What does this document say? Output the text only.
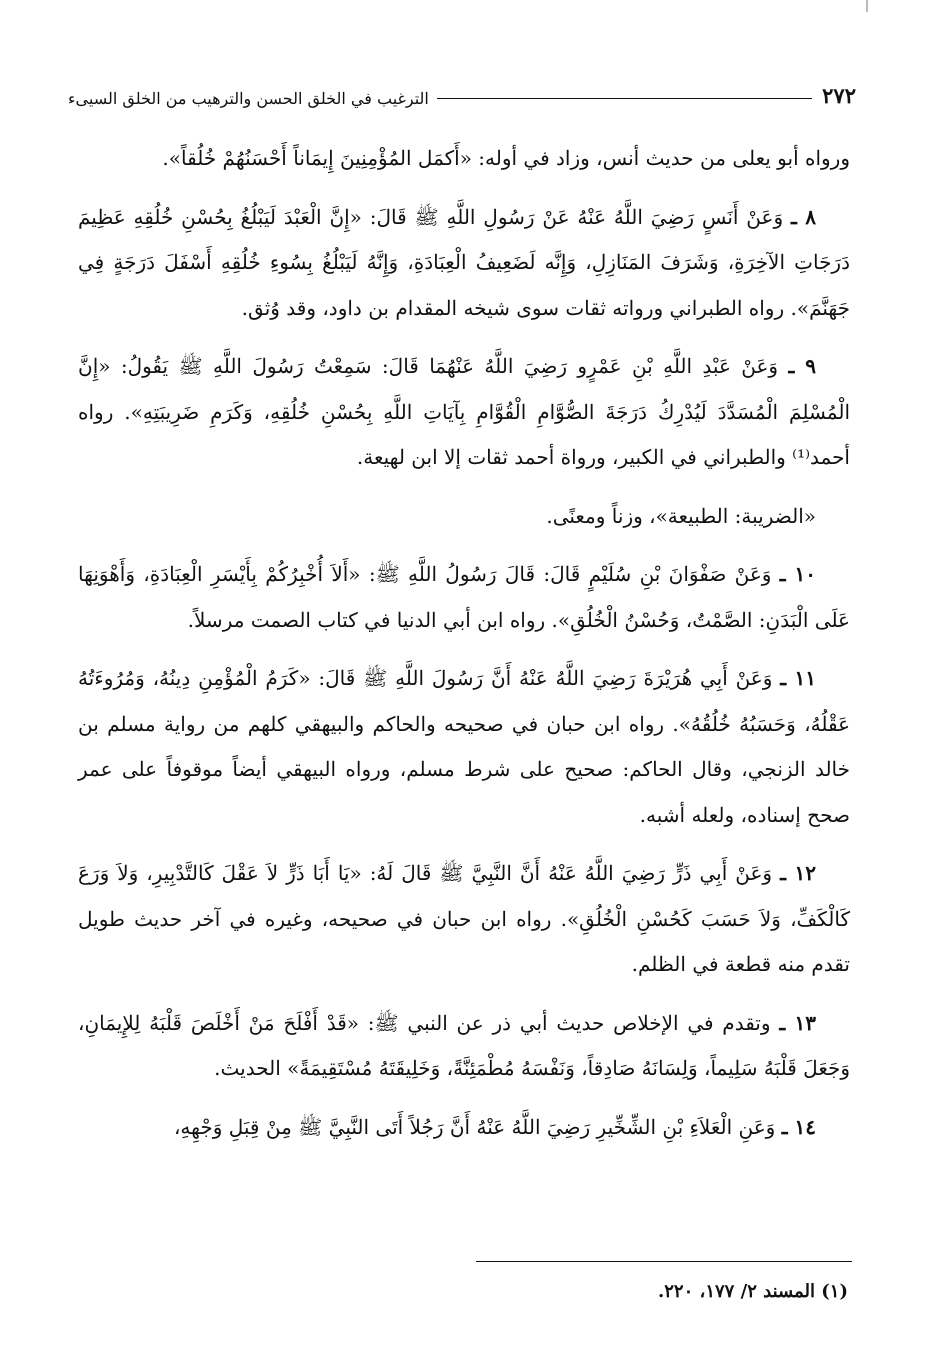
٢٧٢
الترغيب في الخلق الحسن والترهيب من الخلق السيىء

ورواه أبو يعلى من حديث أنس، وزاد في أوله: «أَكمَل المُؤْمِنِينَ إِيمَاناً أَحْسَنُهُمْ خُلُقاً».

٨ ـ وَعَنْ أَنَسٍ رَضِيَ اللَّهُ عَنْهُ عَنْ رَسُولِ اللَّهِ ﷺ قَالَ: «إِنَّ الْعَبْدَ لَيَبْلُغُ بِحُسْنِ خُلُقِهِ عَظِيمَ دَرَجَاتِ الآخِرَةِ، وَشَرَفَ المَنَازِلِ، وَإِنَّه لَضَعِيفُ الْعِبَادَةِ، وَإِنَّهُ لَيَبْلُغُ بِسُوءِ خُلُقِهِ أَسْفَلَ دَرَجَةٍ فِي جَهَنَّمَ». رواه الطبراني ورواته ثقات سوى شيخه المقدام بن داود، وقد وُثق.

٩ ـ وَعَنْ عَبْدِ اللَّهِ بْنِ عَمْرٍو رَضِيَ اللَّهُ عَنْهُمَا قَالَ: سَمِعْتُ رَسُولَ اللَّهِ ﷺ يَقُولُ: «إِنَّ الْمُسْلِمَ الْمُسَدَّدَ لَيُدْرِكُ دَرَجَةَ الصُّوَّامِ الْقُوَّامِ بِآيَاتِ اللَّهِ بِحُسْنِ خُلُقِهِ، وَكَرَمِ ضَرِيبَتِهِ». رواه أحمد⁽¹⁾ والطبراني في الكبير، ورواة أحمد ثقات إلا ابن لهيعة.

«الضريبة: الطبيعة»، وزناً ومعنًى.

١٠ ـ وَعَنْ صَفْوَانَ بْنِ سُلَيْمٍ قَالَ: قَالَ رَسُولُ اللَّهِ ﷺ: «أَلاَ أُخْبِرُكُمْ بِأَيْسَرِ الْعِبَادَةِ، وَأَهْوَنِهَا عَلَى الْبَدَنِ: الصَّمْتُ، وَحُسْنُ الْخُلُقِ». رواه ابن أبي الدنيا في كتاب الصمت مرسلاً.

١١ ـ وَعَنْ أَبِي هُرَيْرَةَ رَضِيَ اللَّهُ عَنْهُ أَنَّ رَسُولَ اللَّهِ ﷺ قَالَ: «كَرَمُ الْمُؤْمِنِ دِينُهُ، وَمُرُوءَتُهُ عَقْلُهُ، وَحَسَبُهُ خُلُقُهُ». رواه ابن حبان في صحيحه والحاكم والبيهقي كلهم من رواية مسلم بن خالد الزنجي، وقال الحاكم: صحيح على شرط مسلم، ورواه البيهقي أيضاً موقوفاً على عمر صحح إسناده، ولعله أشبه.

١٢ ـ وَعَنْ أَبِي ذَرٍّ رَضِيَ اللَّهُ عَنْهُ أَنَّ النَّبِيَّ ﷺ قَالَ لَهُ: «يَا أَبَا ذَرٍّ لاَ عَقْلَ كَالتَّدْبِيرِ، وَلاَ وَرَعَ كَالْكَفِّ، وَلاَ حَسَبَ كَحُسْنِ الْخُلُقِ». رواه ابن حبان في صحيحه، وغيره في آخر حديث طويل تقدم منه قطعة في الظلم.

١٣ ـ وتقدم في الإخلاص حديث أبي ذر عن النبي ﷺ: «قَدْ أَفْلَحَ مَنْ أَخْلَصَ قَلْبَهُ لِلإِيمَانِ، وَجَعَلَ قَلْبَهُ سَلِيماً، وَلِسَانَهُ صَادِقاً، وَنَفْسَهُ مُطْمَئِنَّةً، وَخَلِيقَتَهُ مُسْتَقِيمَةً» الحديث.

١٤ ـ وَعَنِ الْعَلاَءِ بْنِ الشِّخِّيرِ رَضِيَ اللَّهُ عَنْهُ أَنَّ رَجُلاً أَتَى النَّبِيَّ ﷺ مِنْ قِبَلِ وَجْهِهِ،

(١) المسند ٢/ ١٧٧، ٢٢٠.
